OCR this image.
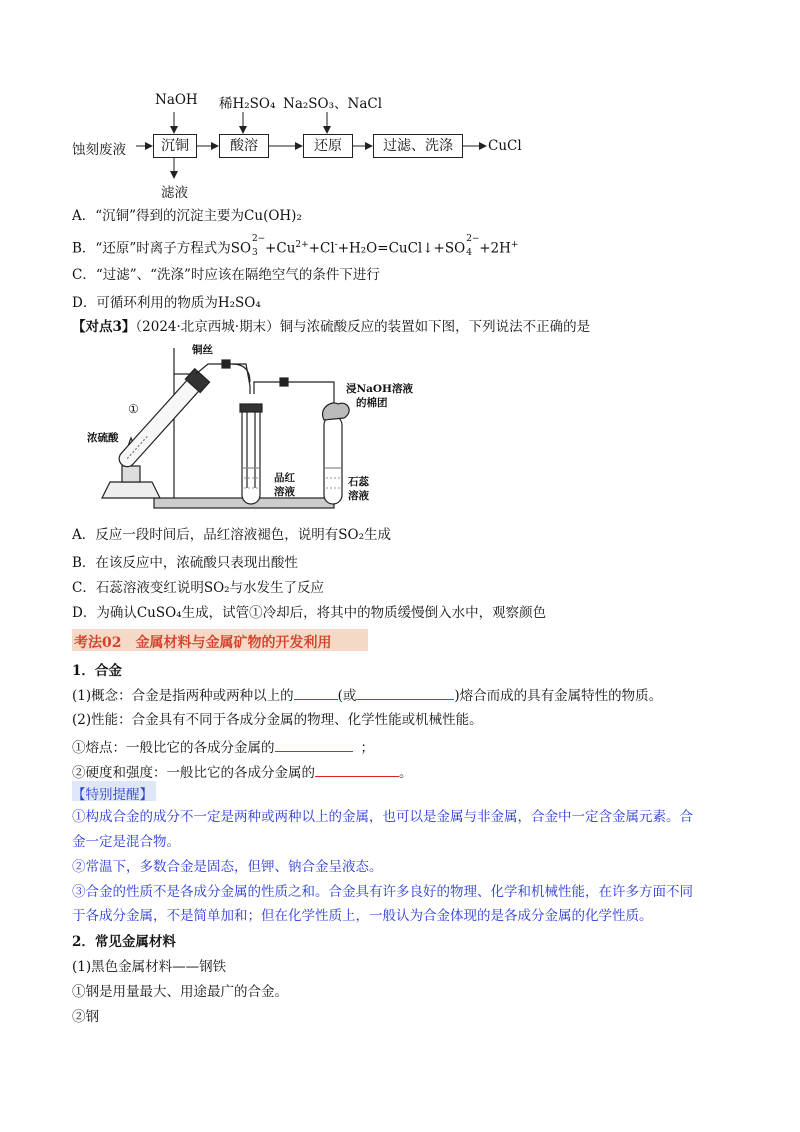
NaOH 稀H₂SO₄ Na₂SO₃、NaCl
蚀刻废液	沉铜	酸溶	还原	过滤、洗涤	CuCl
滤液
A．“沉铜”得到的沉淀主要为Cu(OH)₂
B．“还原”时离子方程式为SO
2−
$3 +Cu^{2+}+Cl^-+H_2O=CuCl↓+SO$
2−
4 +2H+
C．“过滤”、“洗涤”时应该在隔绝空气的条件下进行
D．可循环利用的物质为H₂SO₄
【对点3】（2024·北京西城·期末）铜与浓硫酸反应的装置如下图，下列说法不正确的是
铜丝
①
浓硫酸
浸NaOH溶液
的棉团
品红
溶液
石蕊
溶液
A．反应一段时间后，品红溶液褪色，说明有SO₂生成
B．在该反应中，浓硫酸只表现出酸性
C．石蕊溶液变红说明SO₂与水发生了反应
D．为确认CuSO₄生成，试管①冷却后，将其中的物质缓慢倒入水中，观察颜色
考法02　金属材料与金属矿物的开发利用
1．合金
(1)概念：合金是指两种或两种以上的	(或	)熔合而成的具有金属特性的物质。
(2)性能：合金具有不同于各成分金属的物理、化学性能或机械性能。
①熔点：一般比它的各成分金属的	；
②硬度和强度：一般比它的各成分金属的	。
【特别提醒】
①构成合金的成分不一定是两种或两种以上的金属，也可以是金属与非金属，合金中一定含金属元素。合
金一定是混合物。
②常温下，多数合金是固态，但钾、钠合金呈液态。
③合金的性质不是各成分金属的性质之和。合金具有许多良好的物理、化学和机械性能，在许多方面不同
于各成分金属，不是简单加和；但在化学性质上，一般认为合金体现的是各成分金属的化学性质。
2．常见金属材料
(1)黑色金属材料——钢铁
①钢是用量最大、用途最广的合金。
②钢
